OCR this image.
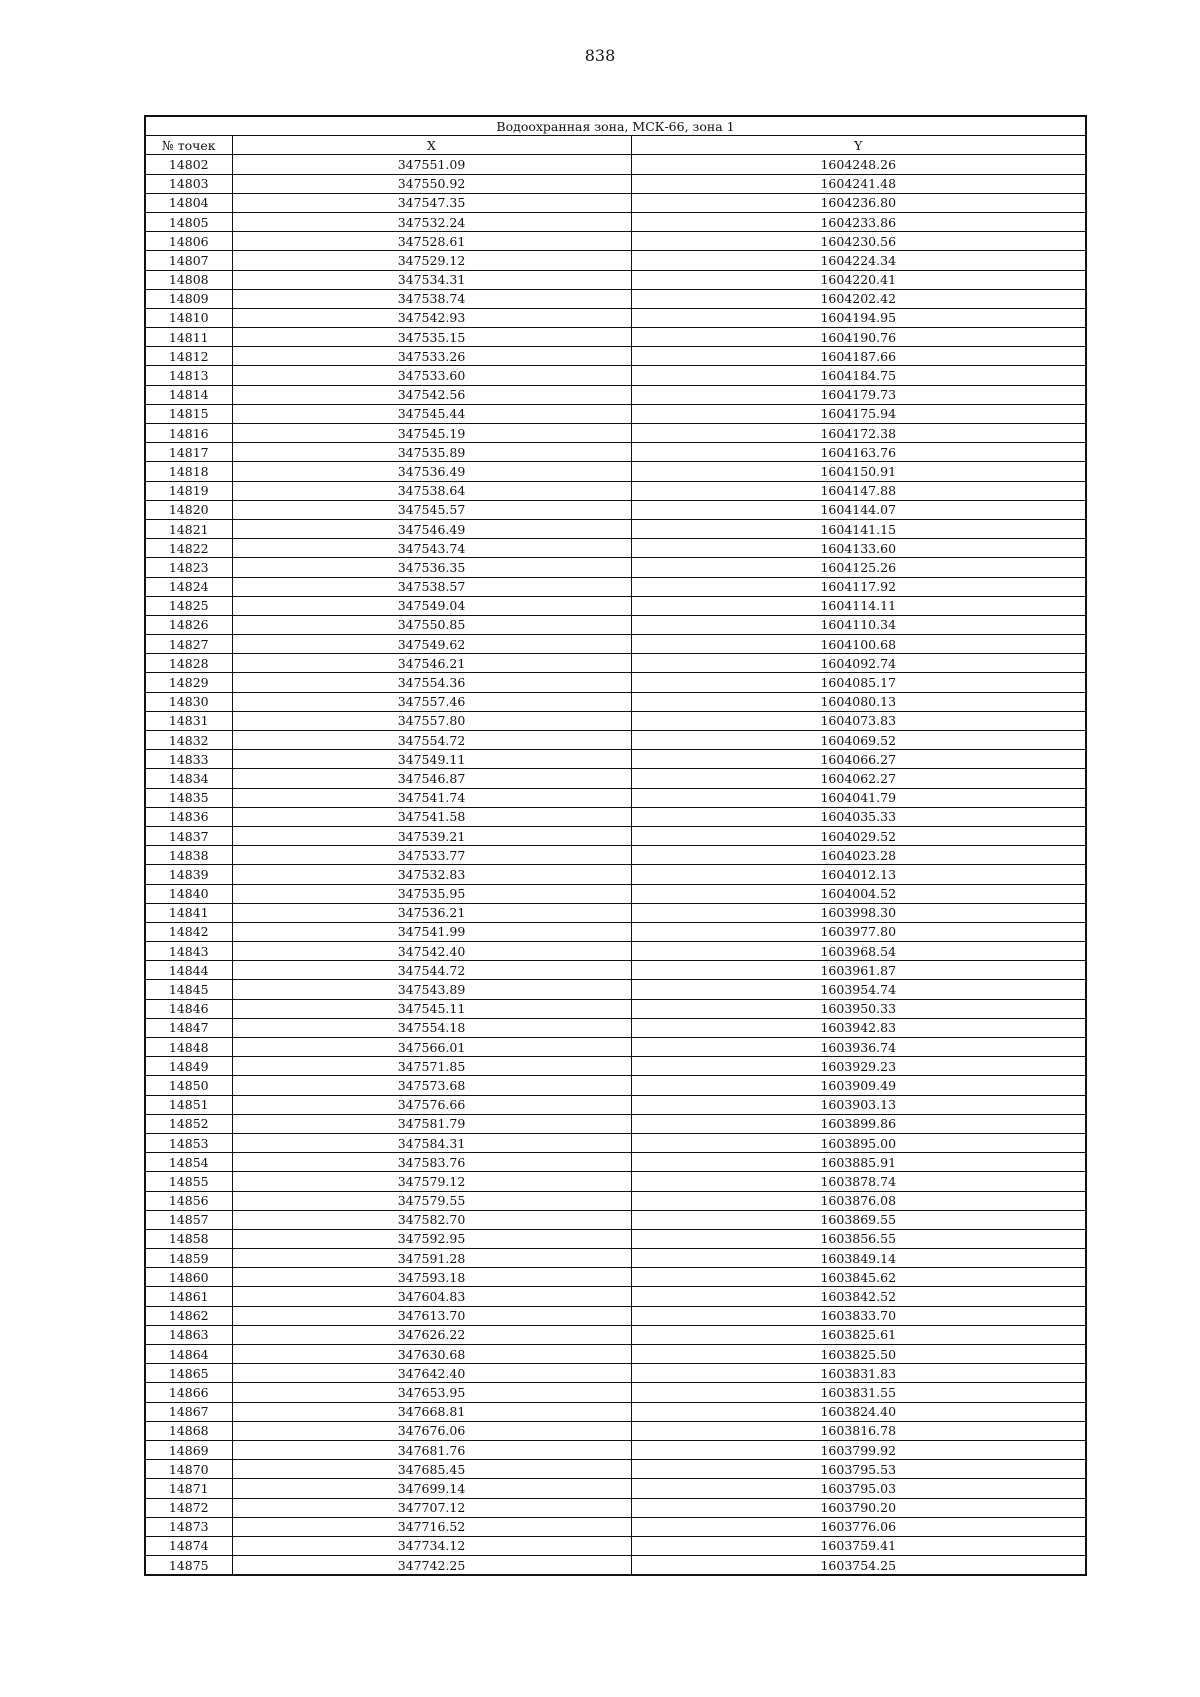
838
Водоохранная зона, МСК-66, зона 1		
№ точек	X	Y
14802	347551.09	1604248.26
14803	347550.92	1604241.48
14804	347547.35	1604236.80
14805	347532.24	1604233.86
14806	347528.61	1604230.56
14807	347529.12	1604224.34
14808	347534.31	1604220.41
14809	347538.74	1604202.42
14810	347542.93	1604194.95
14811	347535.15	1604190.76
14812	347533.26	1604187.66
14813	347533.60	1604184.75
14814	347542.56	1604179.73
14815	347545.44	1604175.94
14816	347545.19	1604172.38
14817	347535.89	1604163.76
14818	347536.49	1604150.91
14819	347538.64	1604147.88
14820	347545.57	1604144.07
14821	347546.49	1604141.15
14822	347543.74	1604133.60
14823	347536.35	1604125.26
14824	347538.57	1604117.92
14825	347549.04	1604114.11
14826	347550.85	1604110.34
14827	347549.62	1604100.68
14828	347546.21	1604092.74
14829	347554.36	1604085.17
14830	347557.46	1604080.13
14831	347557.80	1604073.83
14832	347554.72	1604069.52
14833	347549.11	1604066.27
14834	347546.87	1604062.27
14835	347541.74	1604041.79
14836	347541.58	1604035.33
14837	347539.21	1604029.52
14838	347533.77	1604023.28
14839	347532.83	1604012.13
14840	347535.95	1604004.52
14841	347536.21	1603998.30
14842	347541.99	1603977.80
14843	347542.40	1603968.54
14844	347544.72	1603961.87
14845	347543.89	1603954.74
14846	347545.11	1603950.33
14847	347554.18	1603942.83
14848	347566.01	1603936.74
14849	347571.85	1603929.23
14850	347573.68	1603909.49
14851	347576.66	1603903.13
14852	347581.79	1603899.86
14853	347584.31	1603895.00
14854	347583.76	1603885.91
14855	347579.12	1603878.74
14856	347579.55	1603876.08
14857	347582.70	1603869.55
14858	347592.95	1603856.55
14859	347591.28	1603849.14
14860	347593.18	1603845.62
14861	347604.83	1603842.52
14862	347613.70	1603833.70
14863	347626.22	1603825.61
14864	347630.68	1603825.50
14865	347642.40	1603831.83
14866	347653.95	1603831.55
14867	347668.81	1603824.40
14868	347676.06	1603816.78
14869	347681.76	1603799.92
14870	347685.45	1603795.53
14871	347699.14	1603795.03
14872	347707.12	1603790.20
14873	347716.52	1603776.06
14874	347734.12	1603759.41
14875	347742.25	1603754.25
